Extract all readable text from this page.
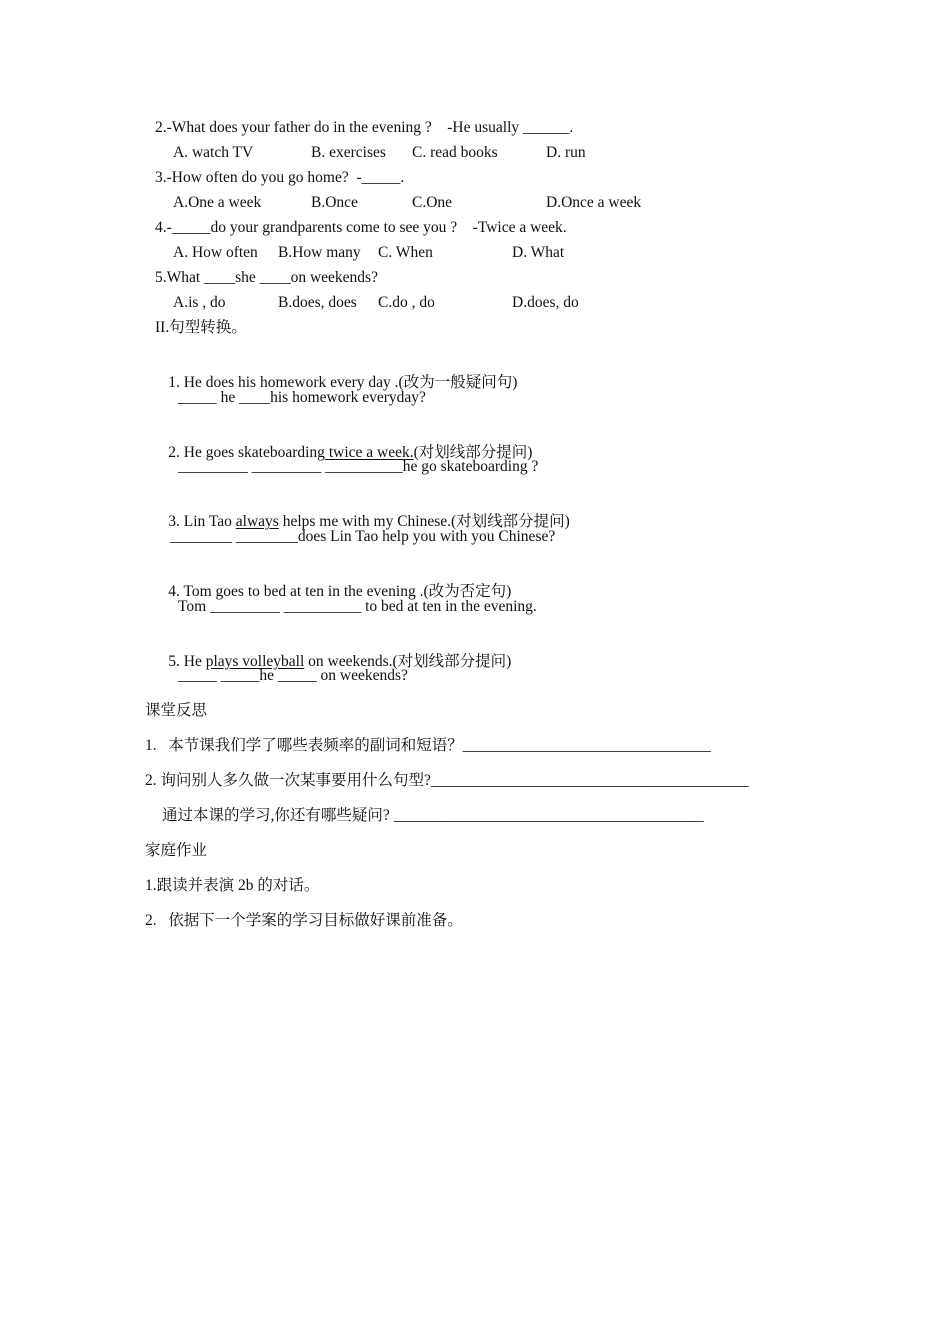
2.-What does your father do in the evening ?    -He usually ______.
A. watch TV	B. exercises C. read books	D. run
3.-How often do you go home?  -_____.
A.One a week	B.Once	C.One	D.Once a week
4.-_____do your grandparents come to see you ?    -Twice a week.
A. How often B.How many C. When	D. What
5.What ____she ____on weekends?
A.is , do	B.does, does C.do , do	D.does, do
II.句型转换。

1. He does his homework every day .(改为一般疑问句)

_____ he ____his homework everyday?

2. He goes skateboarding twice a week.(对划线部分提问)

_________ _________ __________he go skateboarding ?

3. Lin Tao always helps me with my Chinese.(对划线部分提问)

________ ________does Lin Tao help you with you Chinese?

4. Tom goes to bed at ten in the evening .(改为否定句)

Tom _________ __________ to bed at ten in the evening.

5. He plays volleyball on weekends.(对划线部分提问)

_____ _____he _____ on weekends?
课堂反思
1.   本节课我们学了哪些表频率的副词和短语？________________________________
2. 询问别人多久做一次某事要用什么句型?_________________________________________
通过本课的学习,你还有哪些疑问? ________________________________________
家庭作业
1.跟读并表演 2b 的对话。
2.   依据下一个学案的学习目标做好课前准备。
